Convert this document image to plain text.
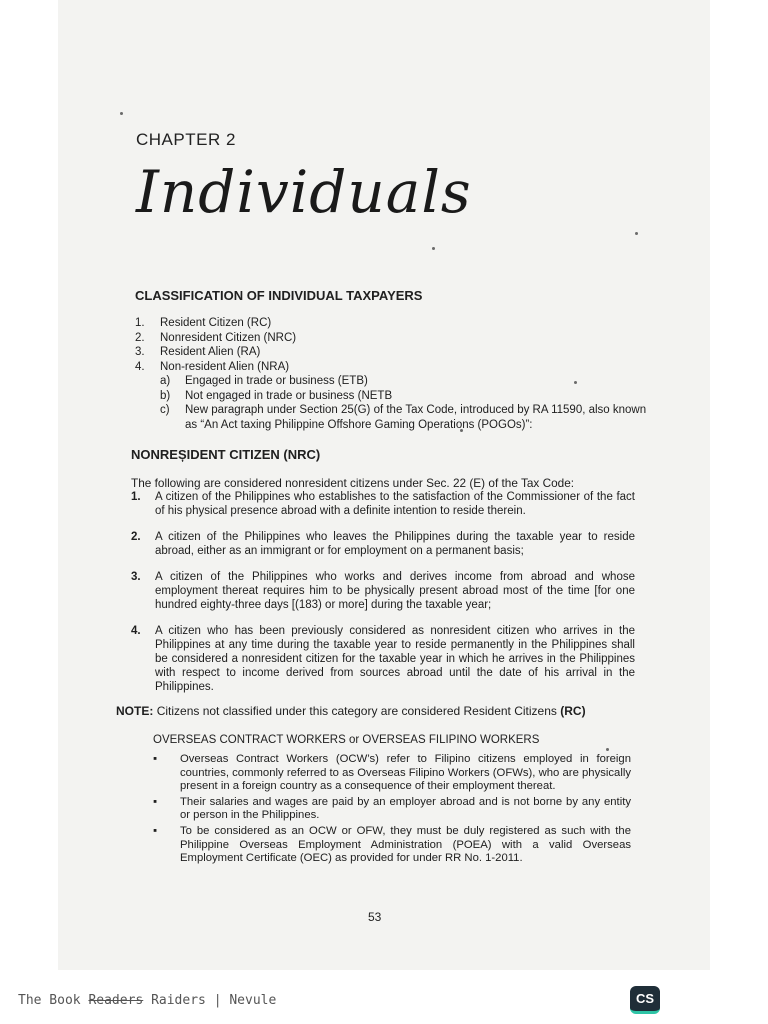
CHAPTER 2
Individuals
CLASSIFICATION OF INDIVIDUAL TAXPAYERS
1.	Resident Citizen (RC)
2.	Nonresident Citizen (NRC)
3.	Resident Alien (RA)
4.	Non-resident Alien (NRA)
a)	Engaged in trade or business (ETB)
b)	Not engaged in trade or business (NETB
c)	New paragraph under Section 25(G) of the Tax Code, introduced by RA 11590, also known as “An Act taxing Philippine Offshore Gaming Operations (POGOs)”:
NONREȘIDENT CITIZEN (NRC)
The following are considered nonresident citizens under Sec. 22 (E) of the Tax Code:
1.	A citizen of the Philippines who establishes to the satisfaction of the Commissioner of the fact of his physical presence abroad with a definite intention to reside therein.
2.	A citizen of the Philippines who leaves the Philippines during the taxable year to reside abroad, either as an immigrant or for employment on a permanent basis;
3.	A citizen of the Philippines who works and derives income from abroad and whose employment thereat requires him to be physically present abroad most of the time [for one hundred eighty-three days [(183) or more] during the taxable year;
4.	A citizen who has been previously considered as nonresident citizen who arrives in the Philippines at any time during the taxable year to reside permanently in the Philippines shall be considered a nonresident citizen for the taxable year in which he arrives in the Philippines with respect to income derived from sources abroad until the date of his arrival in the Philippines.
NOTE: Citizens not classified under this category are considered Resident Citizens (RC)
OVERSEAS CONTRACT WORKERS or OVERSEAS FILIPINO WORKERS
▪	Overseas Contract Workers (OCW’s) refer to Filipino citizens employed in foreign countries, commonly referred to as Overseas Filipino Workers (OFWs), who are physically present in a foreign country as a consequence of their employment thereat.
▪	Their salaries and wages are paid by an employer abroad and is not borne by any entity or person in the Philippines.
▪	To be considered as an OCW or OFW, they must be duly registered as such with the Philippine Overseas Employment Administration (POEA) with a valid Overseas Employment Certificate (OEC) as provided for under RR No. 1-2011.
53
The Book Readers Raiders | Nevule	CS
